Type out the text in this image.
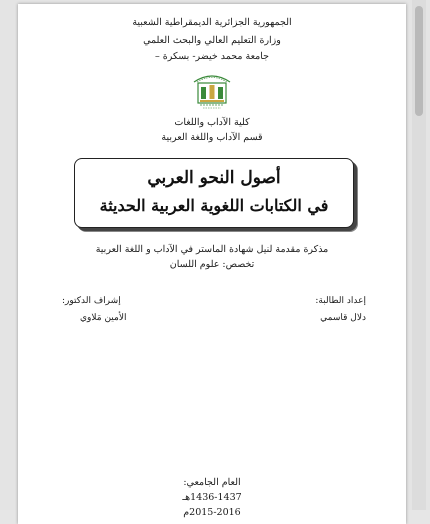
الجمهورية الجزائرية الديمقراطية الشعبية
وزارة التعليم العالي والبحث العلمي
جامعة محمد خيضر- بسكرة –
كلية الآداب واللغات
قسم الآداب واللغة العربية
أصول النحو العربي
في الكتابات اللغوية العربية الحديثة
مذكرة مقدمة لنيل شهادة الماستر في الآداب و اللغة العربية
تخصص: علوم اللسان
إعداد الطالبة:
دلال قاسمي
إشراف الدكتور:
الأمين مَلاوي
العام الجامعي:
1436-1437هـ
2015-2016م
